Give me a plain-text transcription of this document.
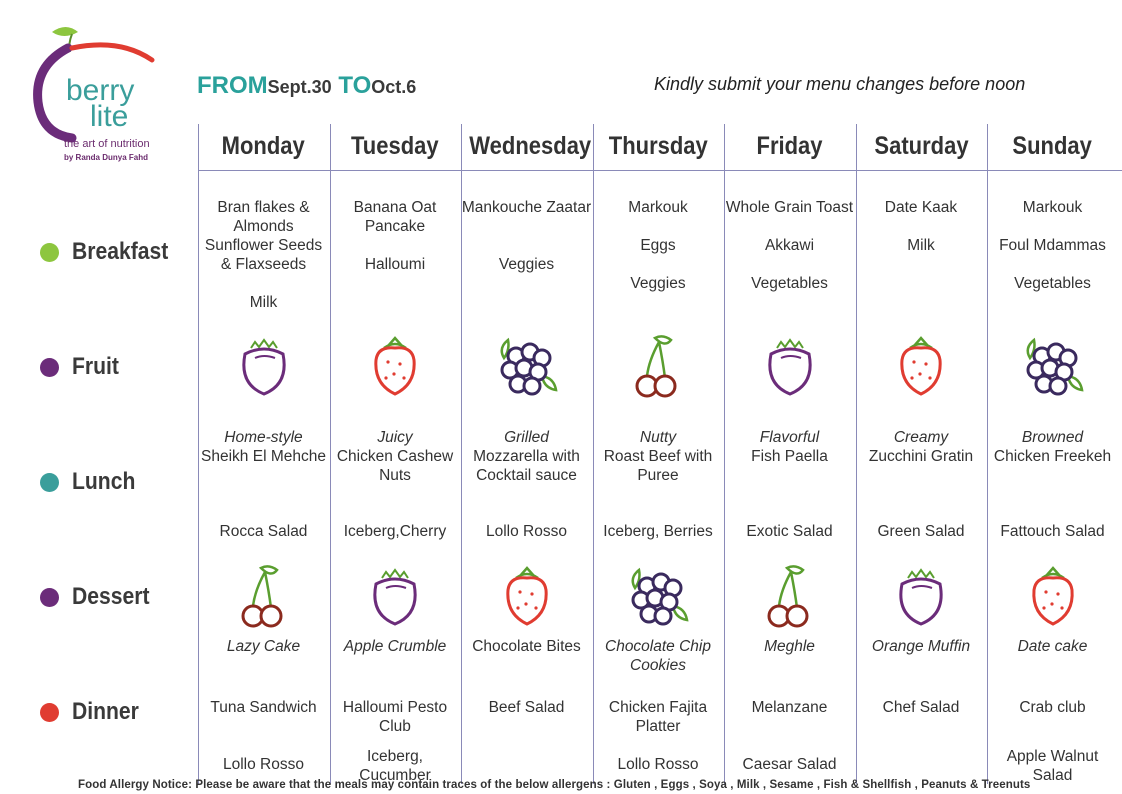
berry
lite
the art of nutrition
by Randa Dunya Fahd
FROMSept.30 TOOct.6	Kindly submit your menu changes before noon
Breakfast
Fruit
Lunch
Dessert
Dinner
Monday

Bran flakes & Almonds Sunflower Seeds & Flaxseeds

Milk

Home-style

Sheikh El Mehche

Rocca Salad
Lazy Cake
Tuna Sandwich
Lollo Rosso
Tuesday

Banana Oat Pancake

Halloumi

Juicy

Chicken Cashew Nuts

Iceberg,Cherry
Apple Crumble
Halloumi Pesto Club
Iceberg, Cucumber
Wednesday

Mankouche Zaatar

Veggies

Grilled

Mozzarella with Cocktail sauce

Lollo Rosso
Chocolate Bites
Beef Salad
Thursday

Markouk

Eggs

Veggies

Nutty

Roast Beef with Puree

Iceberg, Berries
Chocolate Chip Cookies
Chicken Fajita Platter
Lollo Rosso
Friday

Whole Grain Toast

Akkawi

Vegetables

Flavorful

Fish Paella

Exotic Salad
Meghle
Melanzane
Caesar Salad
Saturday

Date Kaak

Milk

Creamy

Zucchini Gratin

Green Salad
Orange Muffin
Chef Salad
Sunday

Markouk

Foul Mdammas

Vegetables

Browned

Chicken Freekeh

Fattouch Salad
Date cake
Crab club
Apple Walnut Salad
Food Allergy Notice: Please be aware that the meals may contain traces of the below allergens : Gluten , Eggs , Soya , Milk , Sesame , Fish & Shellfish , Peanuts & Treenuts
